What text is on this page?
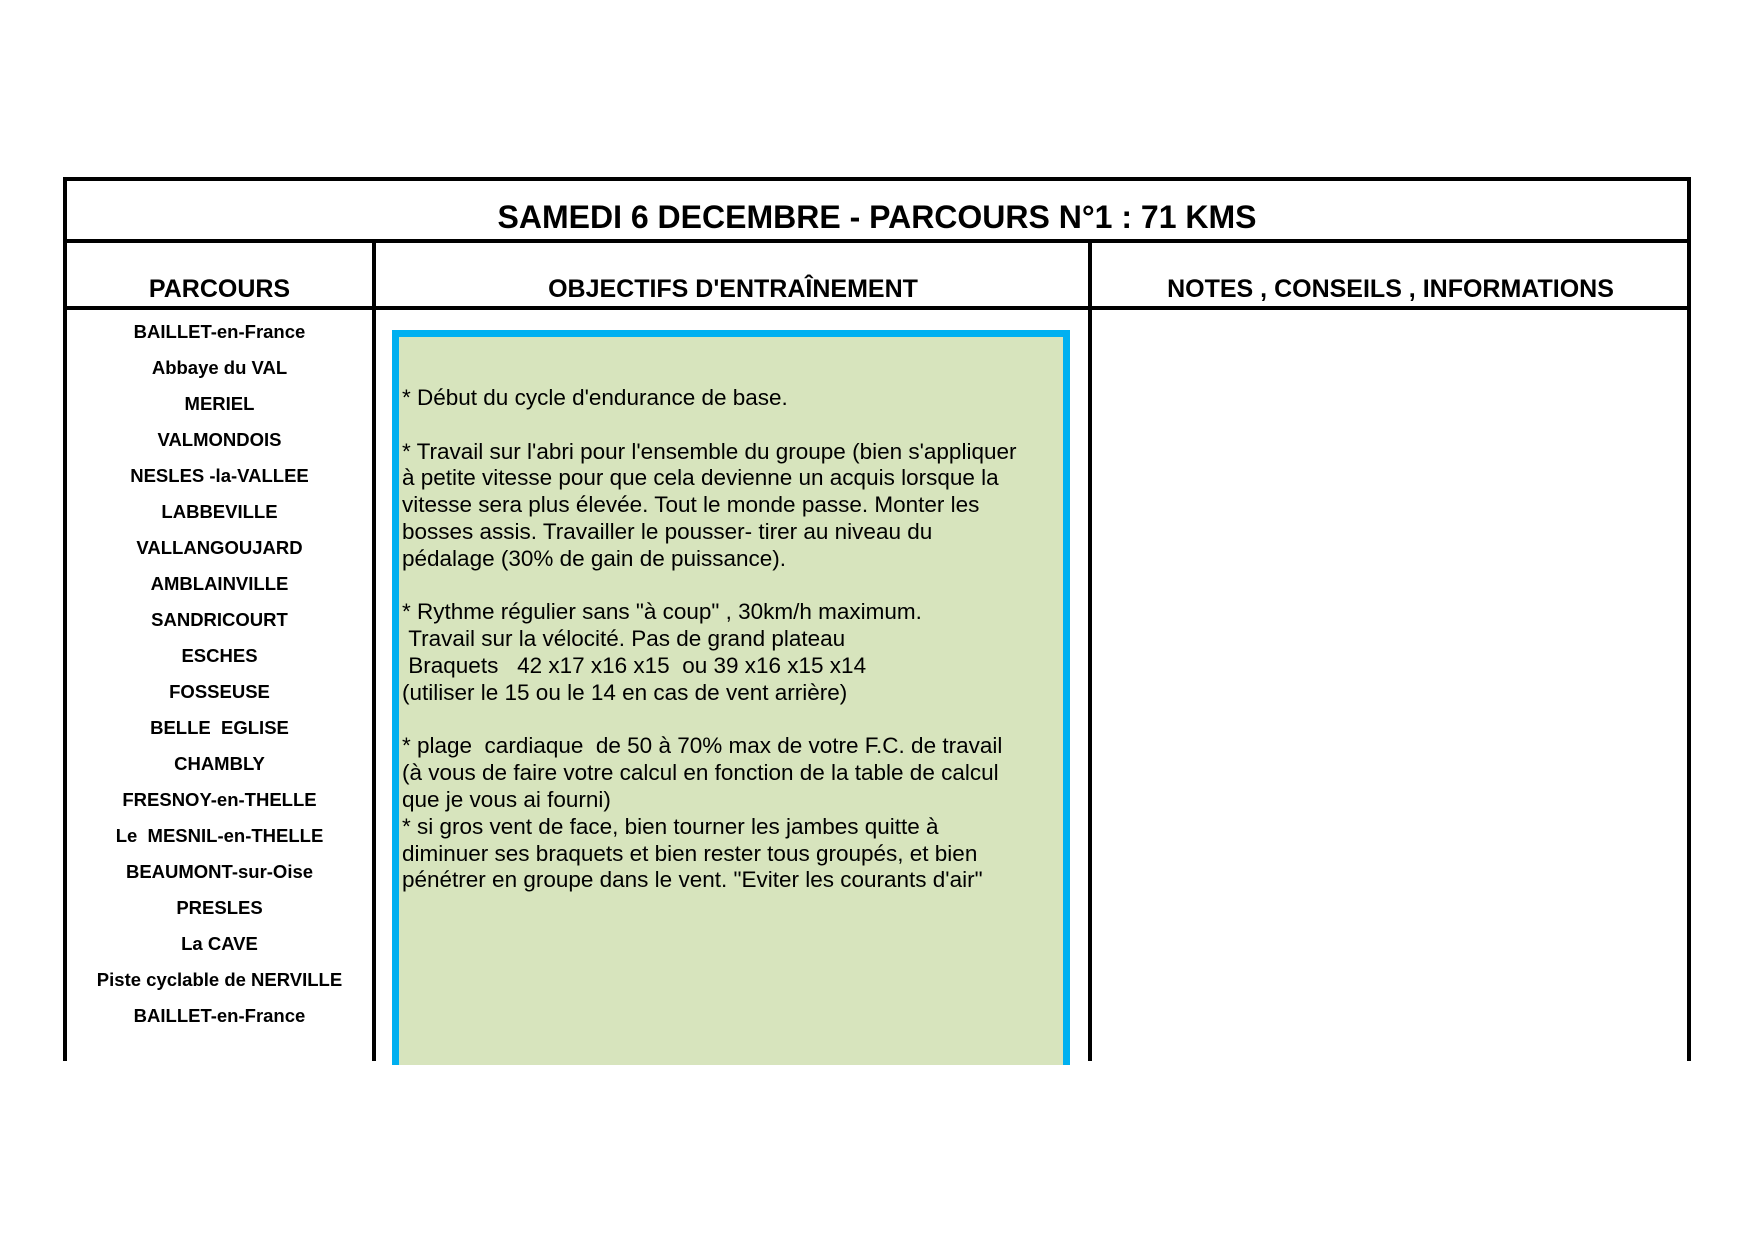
SAMEDI 6 DECEMBRE - PARCOURS N°1 : 71 KMS
PARCOURS	OBJECTIFS D'ENTRAÎNEMENT	NOTES , CONSEILS , INFORMATIONS
BAILLET-en-France
Abbaye du VAL
MERIEL
VALMONDOIS
NESLES -la-VALLEE
LABBEVILLE
VALLANGOUJARD
AMBLAINVILLE
SANDRICOURT
ESCHES
FOSSEUSE
BELLE  EGLISE
CHAMBLY
FRESNOY-en-THELLE
Le  MESNIL-en-THELLE
BEAUMONT-sur-Oise
PRESLES
La CAVE
Piste cyclable de NERVILLE
BAILLET-en-France
* Début du cycle d'endurance de base.

* Travail sur l'abri pour l'ensemble du groupe (bien s'appliquer
à petite vitesse pour que cela devienne un acquis lorsque la
vitesse sera plus élevée. Tout le monde passe. Monter les
bosses assis. Travailler le pousser- tirer au niveau du
pédalage (30% de gain de puissance).

* Rythme régulier sans "à coup" , 30km/h maximum.
Travail sur la vélocité. Pas de grand plateau
Braquets   42 x17 x16 x15  ou 39 x16 x15 x14
(utiliser le 15 ou le 14 en cas de vent arrière)

* plage  cardiaque  de 50 à 70% max de votre F.C. de travail
(à vous de faire votre calcul en fonction de la table de calcul
que je vous ai fourni)
* si gros vent de face, bien tourner les jambes quitte à
diminuer ses braquets et bien rester tous groupés, et bien
pénétrer en groupe dans le vent. "Eviter les courants d'air"
